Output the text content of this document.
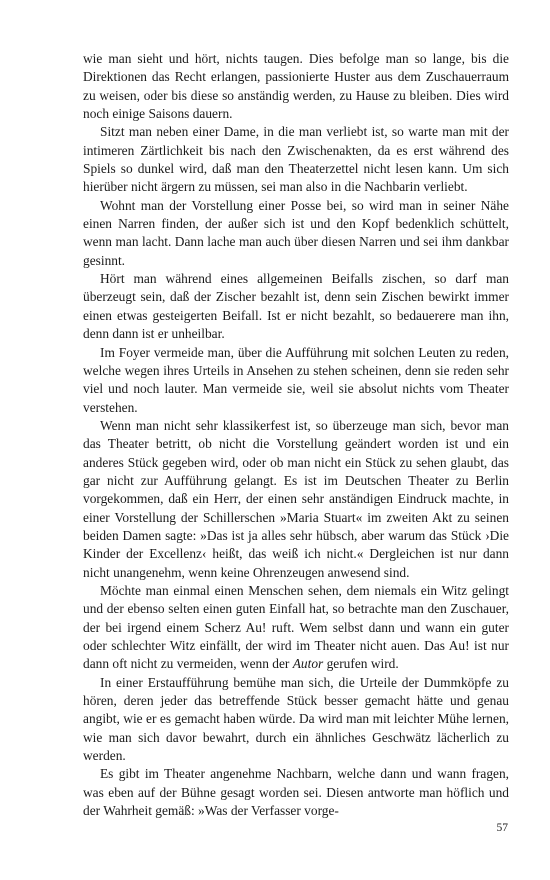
wie man sieht und hört, nichts taugen. Dies befolge man so lange, bis die Direktionen das Recht erlangen, passionierte Huster aus dem Zuschauerraum zu weisen, oder bis diese so anständig werden, zu Hause zu bleiben. Dies wird noch einige Saisons dauern.

Sitzt man neben einer Dame, in die man verliebt ist, so warte man mit der intimeren Zärtlichkeit bis nach den Zwischenakten, da es erst während des Spiels so dunkel wird, daß man den Theaterzettel nicht lesen kann. Um sich hierüber nicht ärgern zu müssen, sei man also in die Nachbarin verliebt.

Wohnt man der Vorstellung einer Posse bei, so wird man in seiner Nähe einen Narren finden, der außer sich ist und den Kopf bedenklich schüttelt, wenn man lacht. Dann lache man auch über diesen Narren und sei ihm dankbar gesinnt.

Hört man während eines allgemeinen Beifalls zischen, so darf man überzeugt sein, daß der Zischer bezahlt ist, denn sein Zischen bewirkt immer einen etwas gesteigerten Beifall. Ist er nicht bezahlt, so bedauerere man ihn, denn dann ist er unheilbar.

Im Foyer vermeide man, über die Aufführung mit solchen Leuten zu reden, welche wegen ihres Urteils in Ansehen zu stehen scheinen, denn sie reden sehr viel und noch lauter. Man vermeide sie, weil sie absolut nichts vom Theater verstehen.

Wenn man nicht sehr klassikerfest ist, so überzeuge man sich, bevor man das Theater betritt, ob nicht die Vorstellung geändert worden ist und ein anderes Stück gegeben wird, oder ob man nicht ein Stück zu sehen glaubt, das gar nicht zur Aufführung gelangt. Es ist im Deutschen Theater zu Berlin vorgekommen, daß ein Herr, der einen sehr anständigen Eindruck machte, in einer Vorstellung der Schillerschen »Maria Stuart« im zweiten Akt zu seinen beiden Damen sagte: »Das ist ja alles sehr hübsch, aber warum das Stück ›Die Kinder der Excellenz‹ heißt, das weiß ich nicht.« Dergleichen ist nur dann nicht unangenehm, wenn keine Ohrenzeugen anwesend sind.

Möchte man einmal einen Menschen sehen, dem niemals ein Witz gelingt und der ebenso selten einen guten Einfall hat, so betrachte man den Zuschauer, der bei irgend einem Scherz Au! ruft. Wem selbst dann und wann ein guter oder schlechter Witz einfällt, der wird im Theater nicht auen. Das Au! ist nur dann oft nicht zu vermeiden, wenn der Autor gerufen wird.

In einer Erstaufführung bemühe man sich, die Urteile der Dummköpfe zu hören, deren jeder das betreffende Stück besser gemacht hätte und genau angibt, wie er es gemacht haben würde. Da wird man mit leichter Mühe lernen, wie man sich davor bewahrt, durch ein ähnliches Geschwätz lächerlich zu werden.

Es gibt im Theater angenehme Nachbarn, welche dann und wann fragen, was eben auf der Bühne gesagt worden sei. Diesen antworte man höflich und der Wahrheit gemäß: »Was der Verfasser vorge-

57
